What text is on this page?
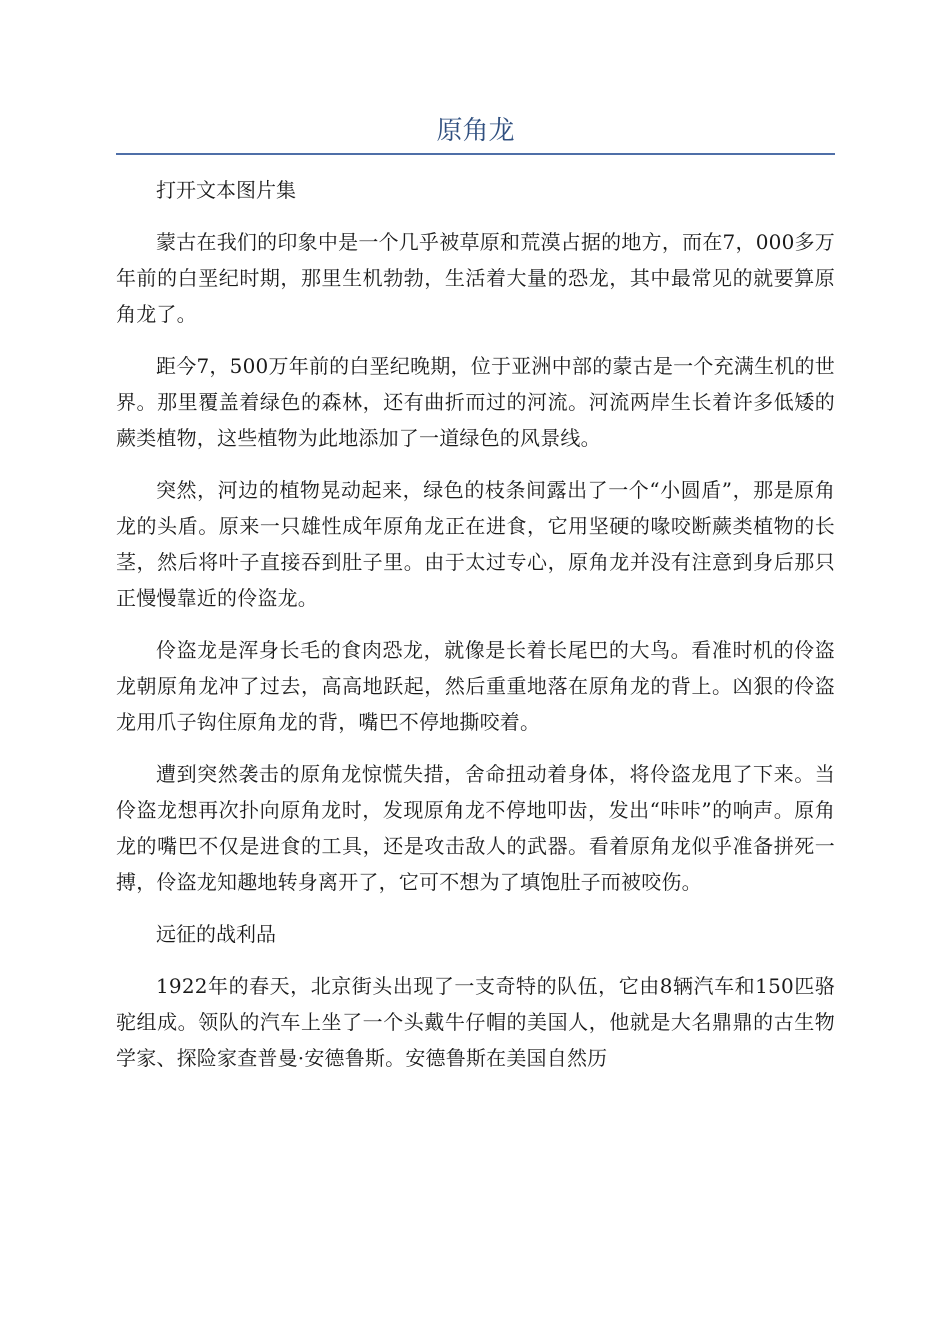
原角龙

打开文本图片集

蒙古在我们的印象中是一个几乎被草原和荒漠占据的地方，而在7，000多万年前的白垩纪时期，那里生机勃勃，生活着大量的恐龙，其中最常见的就要算原角龙了。

距今7，500万年前的白垩纪晚期，位于亚洲中部的蒙古是一个充满生机的世界。那里覆盖着绿色的森林，还有曲折而过的河流。河流两岸生长着许多低矮的蕨类植物，这些植物为此地添加了一道绿色的风景线。

突然，河边的植物晃动起来，绿色的枝条间露出了一个“小圆盾”，那是原角龙的头盾。原来一只雄性成年原角龙正在进食，它用坚硬的喙咬断蕨类植物的长茎，然后将叶子直接吞到肚子里。由于太过专心，原角龙并没有注意到身后那只正慢慢靠近的伶盗龙。

伶盗龙是浑身长毛的食肉恐龙，就像是长着长尾巴的大鸟。看准时机的伶盗龙朝原角龙冲了过去，高高地跃起，然后重重地落在原角龙的背上。凶狠的伶盗龙用爪子钩住原角龙的背，嘴巴不停地撕咬着。

遭到突然袭击的原角龙惊慌失措，舍命扭动着身体，将伶盗龙甩了下来。当伶盗龙想再次扑向原角龙时，发现原角龙不停地叩齿，发出“咔咔”的响声。原角龙的嘴巴不仅是进食的工具，还是攻击敌人的武器。看着原角龙似乎准备拼死一搏，伶盗龙知趣地转身离开了，它可不想为了填饱肚子而被咬伤。

远征的战利品

1922年的春天，北京街头出现了一支奇特的队伍，它由8辆汽车和150匹骆驼组成。领队的汽车上坐了一个头戴牛仔帽的美国人，他就是大名鼎鼎的古生物学家、探险家查普曼·安德鲁斯。安德鲁斯在美国自然历
